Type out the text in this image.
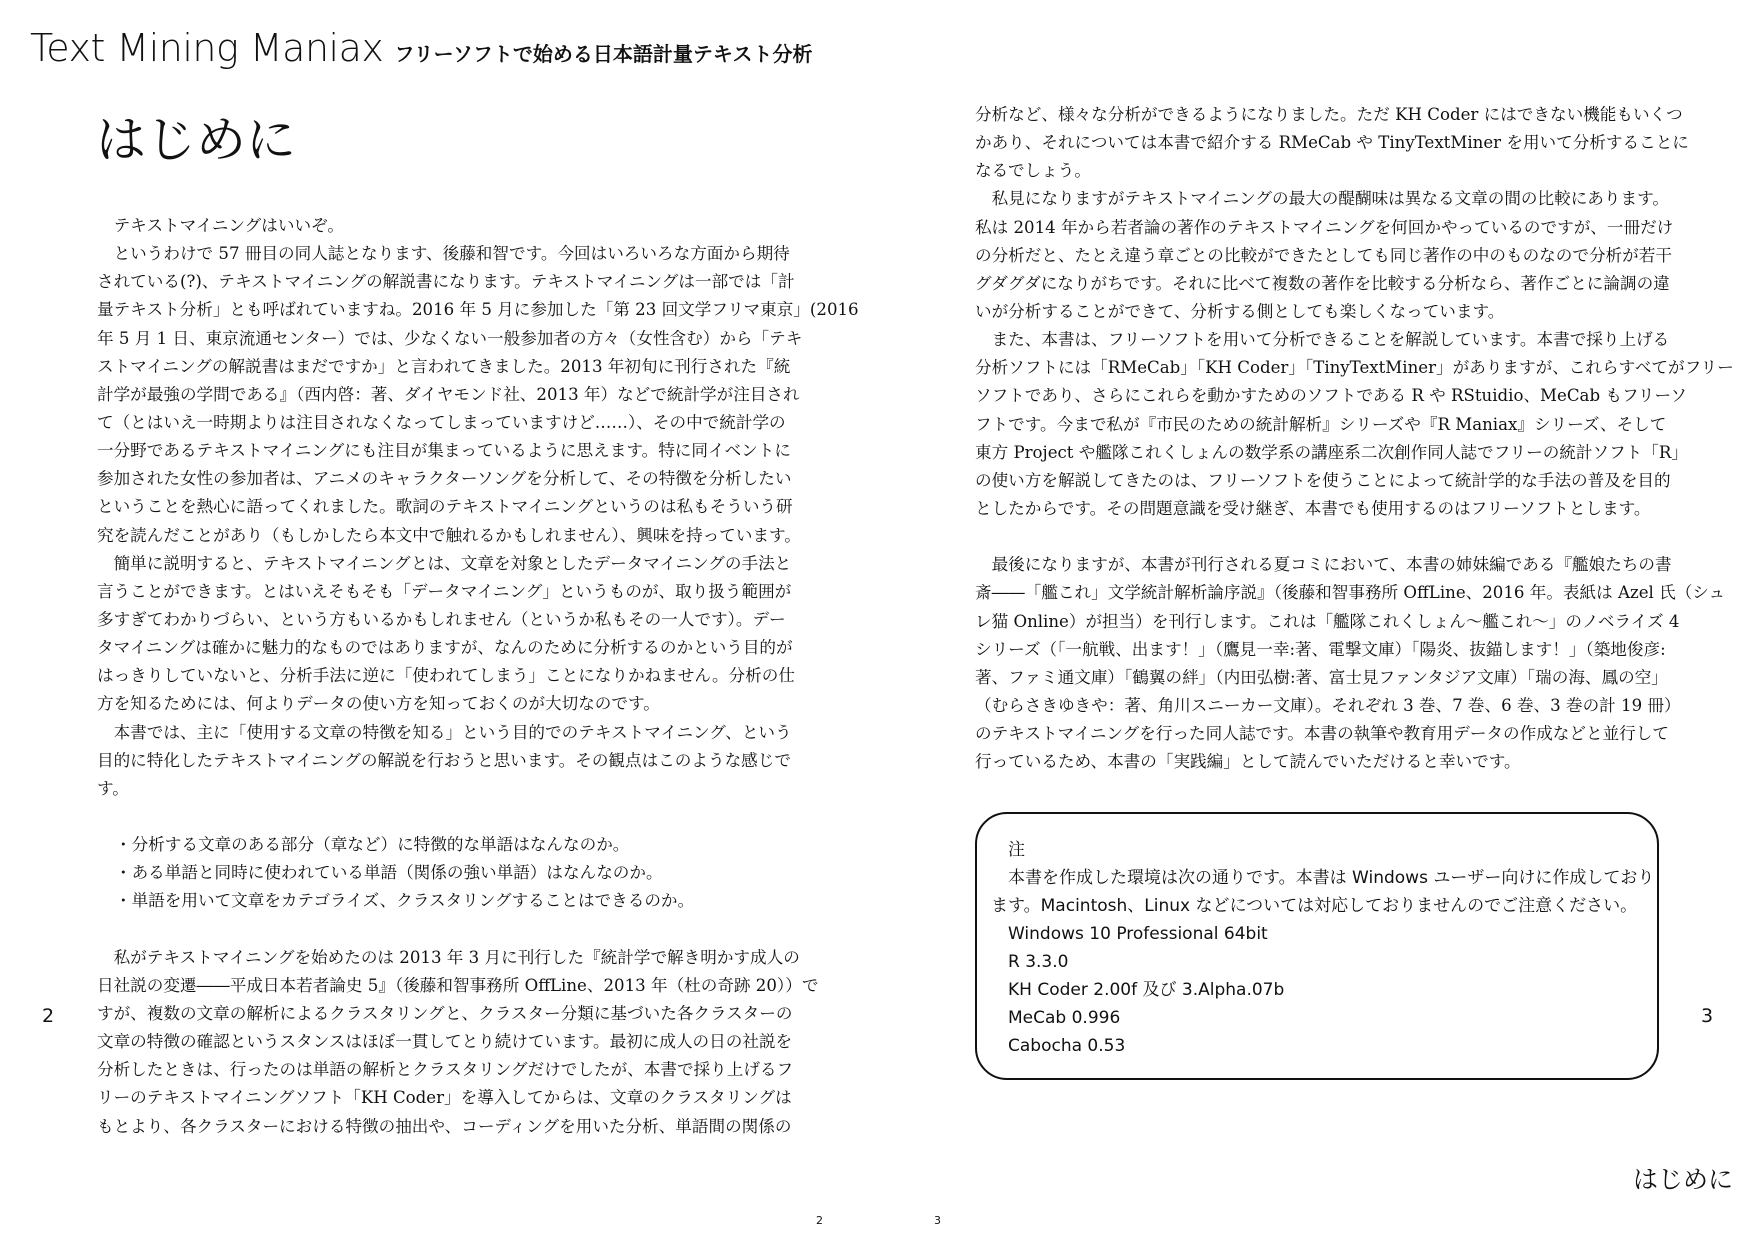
Text Mining Maniax フリーソフトで始める日本語計量テキスト分析
はじめに
　テキストマイニングはいいぞ。
　というわけで 57 冊目の同人誌となります、後藤和智です。今回はいろいろな方面から期待
されている(?)、テキストマイニングの解説書になります。テキストマイニングは一部では「計
量テキスト分析」とも呼ばれていますね。2016 年 5 月に参加した「第 23 回文学フリマ東京」(2016
年 5 月 1 日、東京流通センター）では、少なくない一般参加者の方々（女性含む）から「テキ
ストマイニングの解説書はまだですか」と言われてきました。2013 年初旬に刊行された『統
計学が最強の学問である』（西内啓：著、ダイヤモンド社、2013 年）などで統計学が注目され
て（とはいえ一時期よりは注目されなくなってしまっていますけど……）、その中で統計学の
一分野であるテキストマイニングにも注目が集まっているように思えます。特に同イベントに
参加された女性の参加者は、アニメのキャラクターソングを分析して、その特徴を分析したい
ということを熱心に語ってくれました。歌詞のテキストマイニングというのは私もそういう研
究を読んだことがあり（もしかしたら本文中で触れるかもしれません）、興味を持っています。
　簡単に説明すると、テキストマイニングとは、文章を対象としたデータマイニングの手法と
言うことができます。とはいえそもそも「データマイニング」というものが、取り扱う範囲が
多すぎてわかりづらい、という方もいるかもしれません（というか私もその一人です）。デー
タマイニングは確かに魅力的なものではありますが、なんのために分析するのかという目的が
はっきりしていないと、分析手法に逆に「使われてしまう」ことになりかねません。分析の仕
方を知るためには、何よりデータの使い方を知っておくのが大切なのです。
　本書では、主に「使用する文章の特徴を知る」という目的でのテキストマイニング、という
目的に特化したテキストマイニングの解説を行おうと思います。その観点はこのような感じで
す。
・分析する文章のある部分（章など）に特徴的な単語はなんなのか。
・ある単語と同時に使われている単語（関係の強い単語）はなんなのか。
・単語を用いて文章をカテゴライズ、クラスタリングすることはできるのか。
　私がテキストマイニングを始めたのは 2013 年 3 月に刊行した『統計学で解き明かす成人の
日社説の変遷――平成日本若者論史 5』（後藤和智事務所 OffLine、2013 年（杜の奇跡 20））で
すが、複数の文章の解析によるクラスタリングと、クラスター分類に基づいた各クラスターの
文章の特徴の確認というスタンスはほぼ一貫してとり続けています。最初に成人の日の社説を
分析したときは、行ったのは単語の解析とクラスタリングだけでしたが、本書で採り上げるフ
リーのテキストマイニングソフト「KH Coder」を導入してからは、文章のクラスタリングは
もとより、各クラスターにおける特徴の抽出や、コーディングを用いた分析、単語間の関係の
分析など、様々な分析ができるようになりました。ただ KH Coder にはできない機能もいくつ
かあり、それについては本書で紹介する RMeCab や TinyTextMiner を用いて分析することに
なるでしょう。
　私見になりますがテキストマイニングの最大の醍醐味は異なる文章の間の比較にあります。
私は 2014 年から若者論の著作のテキストマイニングを何回かやっているのですが、一冊だけ
の分析だと、たとえ違う章ごとの比較ができたとしても同じ著作の中のものなので分析が若干
グダグダになりがちです。それに比べて複数の著作を比較する分析なら、著作ごとに論調の違
いが分析することができて、分析する側としても楽しくなっています。
　また、本書は、フリーソフトを用いて分析できることを解説しています。本書で採り上げる
分析ソフトには「RMeCab」「KH Coder」「TinyTextMiner」がありますが、これらすべてがフリー
ソフトであり、さらにこれらを動かすためのソフトである R や RStuidio、MeCab もフリーソ
フトです。今まで私が『市民のための統計解析』シリーズや『R Maniax』シリーズ、そして
東方 Project や艦隊これくしょんの数学系の講座系二次創作同人誌でフリーの統計ソフト「R」
の使い方を解説してきたのは、フリーソフトを使うことによって統計学的な手法の普及を目的
としたからです。その問題意識を受け継ぎ、本書でも使用するのはフリーソフトとします。
　最後になりますが、本書が刊行される夏コミにおいて、本書の姉妹編である『艦娘たちの書
斎――「艦これ」文学統計解析論序説』（後藤和智事務所 OffLine、2016 年。表紙は Azel 氏（シュ
レ猫 Online）が担当）を刊行します。これは「艦隊これくしょん～艦これ～」のノベライズ 4
シリーズ（「一航戦、出ます！」（鷹見一幸:著、電撃文庫）「陽炎、抜錨します！」（築地俊彦:
著、ファミ通文庫）「鶴翼の絆」（内田弘樹:著、富士見ファンタジア文庫）「瑞の海、鳳の空」
（むらさきゆきや：著、角川スニーカー文庫）。それぞれ 3 巻、7 巻、6 巻、3 巻の計 19 冊）
のテキストマイニングを行った同人誌です。本書の執筆や教育用データの作成などと並行して
行っているため、本書の「実践編」として読んでいただけると幸いです。
注
　本書を作成した環境は次の通りです。本書は Windows ユーザー向けに作成しており
ます。Macintosh、Linux などについては対応しておりませんのでご注意ください。
Windows 10 Professional 64bit
R 3.3.0
KH Coder 2.00f 及び 3.Alpha.07b
MeCab 0.996
Cabocha 0.53
2	3
はじめに
2	3
